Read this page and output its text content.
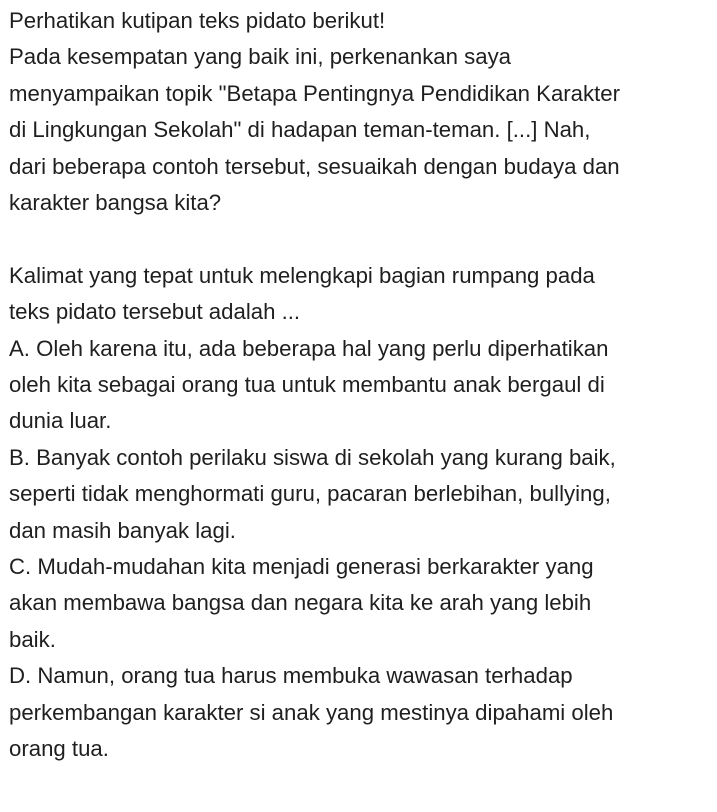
Perhatikan kutipan teks pidato berikut!
Pada kesempatan yang baik ini, perkenankan saya
menyampaikan topik "Betapa Pentingnya Pendidikan Karakter
di Lingkungan Sekolah" di hadapan teman-teman. [...] Nah,
dari beberapa contoh tersebut, sesuaikah dengan budaya dan
karakter bangsa kita?
Kalimat yang tepat untuk melengkapi bagian rumpang pada
teks pidato tersebut adalah ...
A. Oleh karena itu, ada beberapa hal yang perlu diperhatikan
oleh kita sebagai orang tua untuk membantu anak bergaul di
dunia luar.
B. Banyak contoh perilaku siswa di sekolah yang kurang baik,
seperti tidak menghormati guru, pacaran berlebihan, bullying,
dan masih banyak lagi.
C. Mudah-mudahan kita menjadi generasi berkarakter yang
akan membawa bangsa dan negara kita ke arah yang lebih
baik.
D. Namun, orang tua harus membuka wawasan terhadap
perkembangan karakter si anak yang mestinya dipahami oleh
orang tua.
